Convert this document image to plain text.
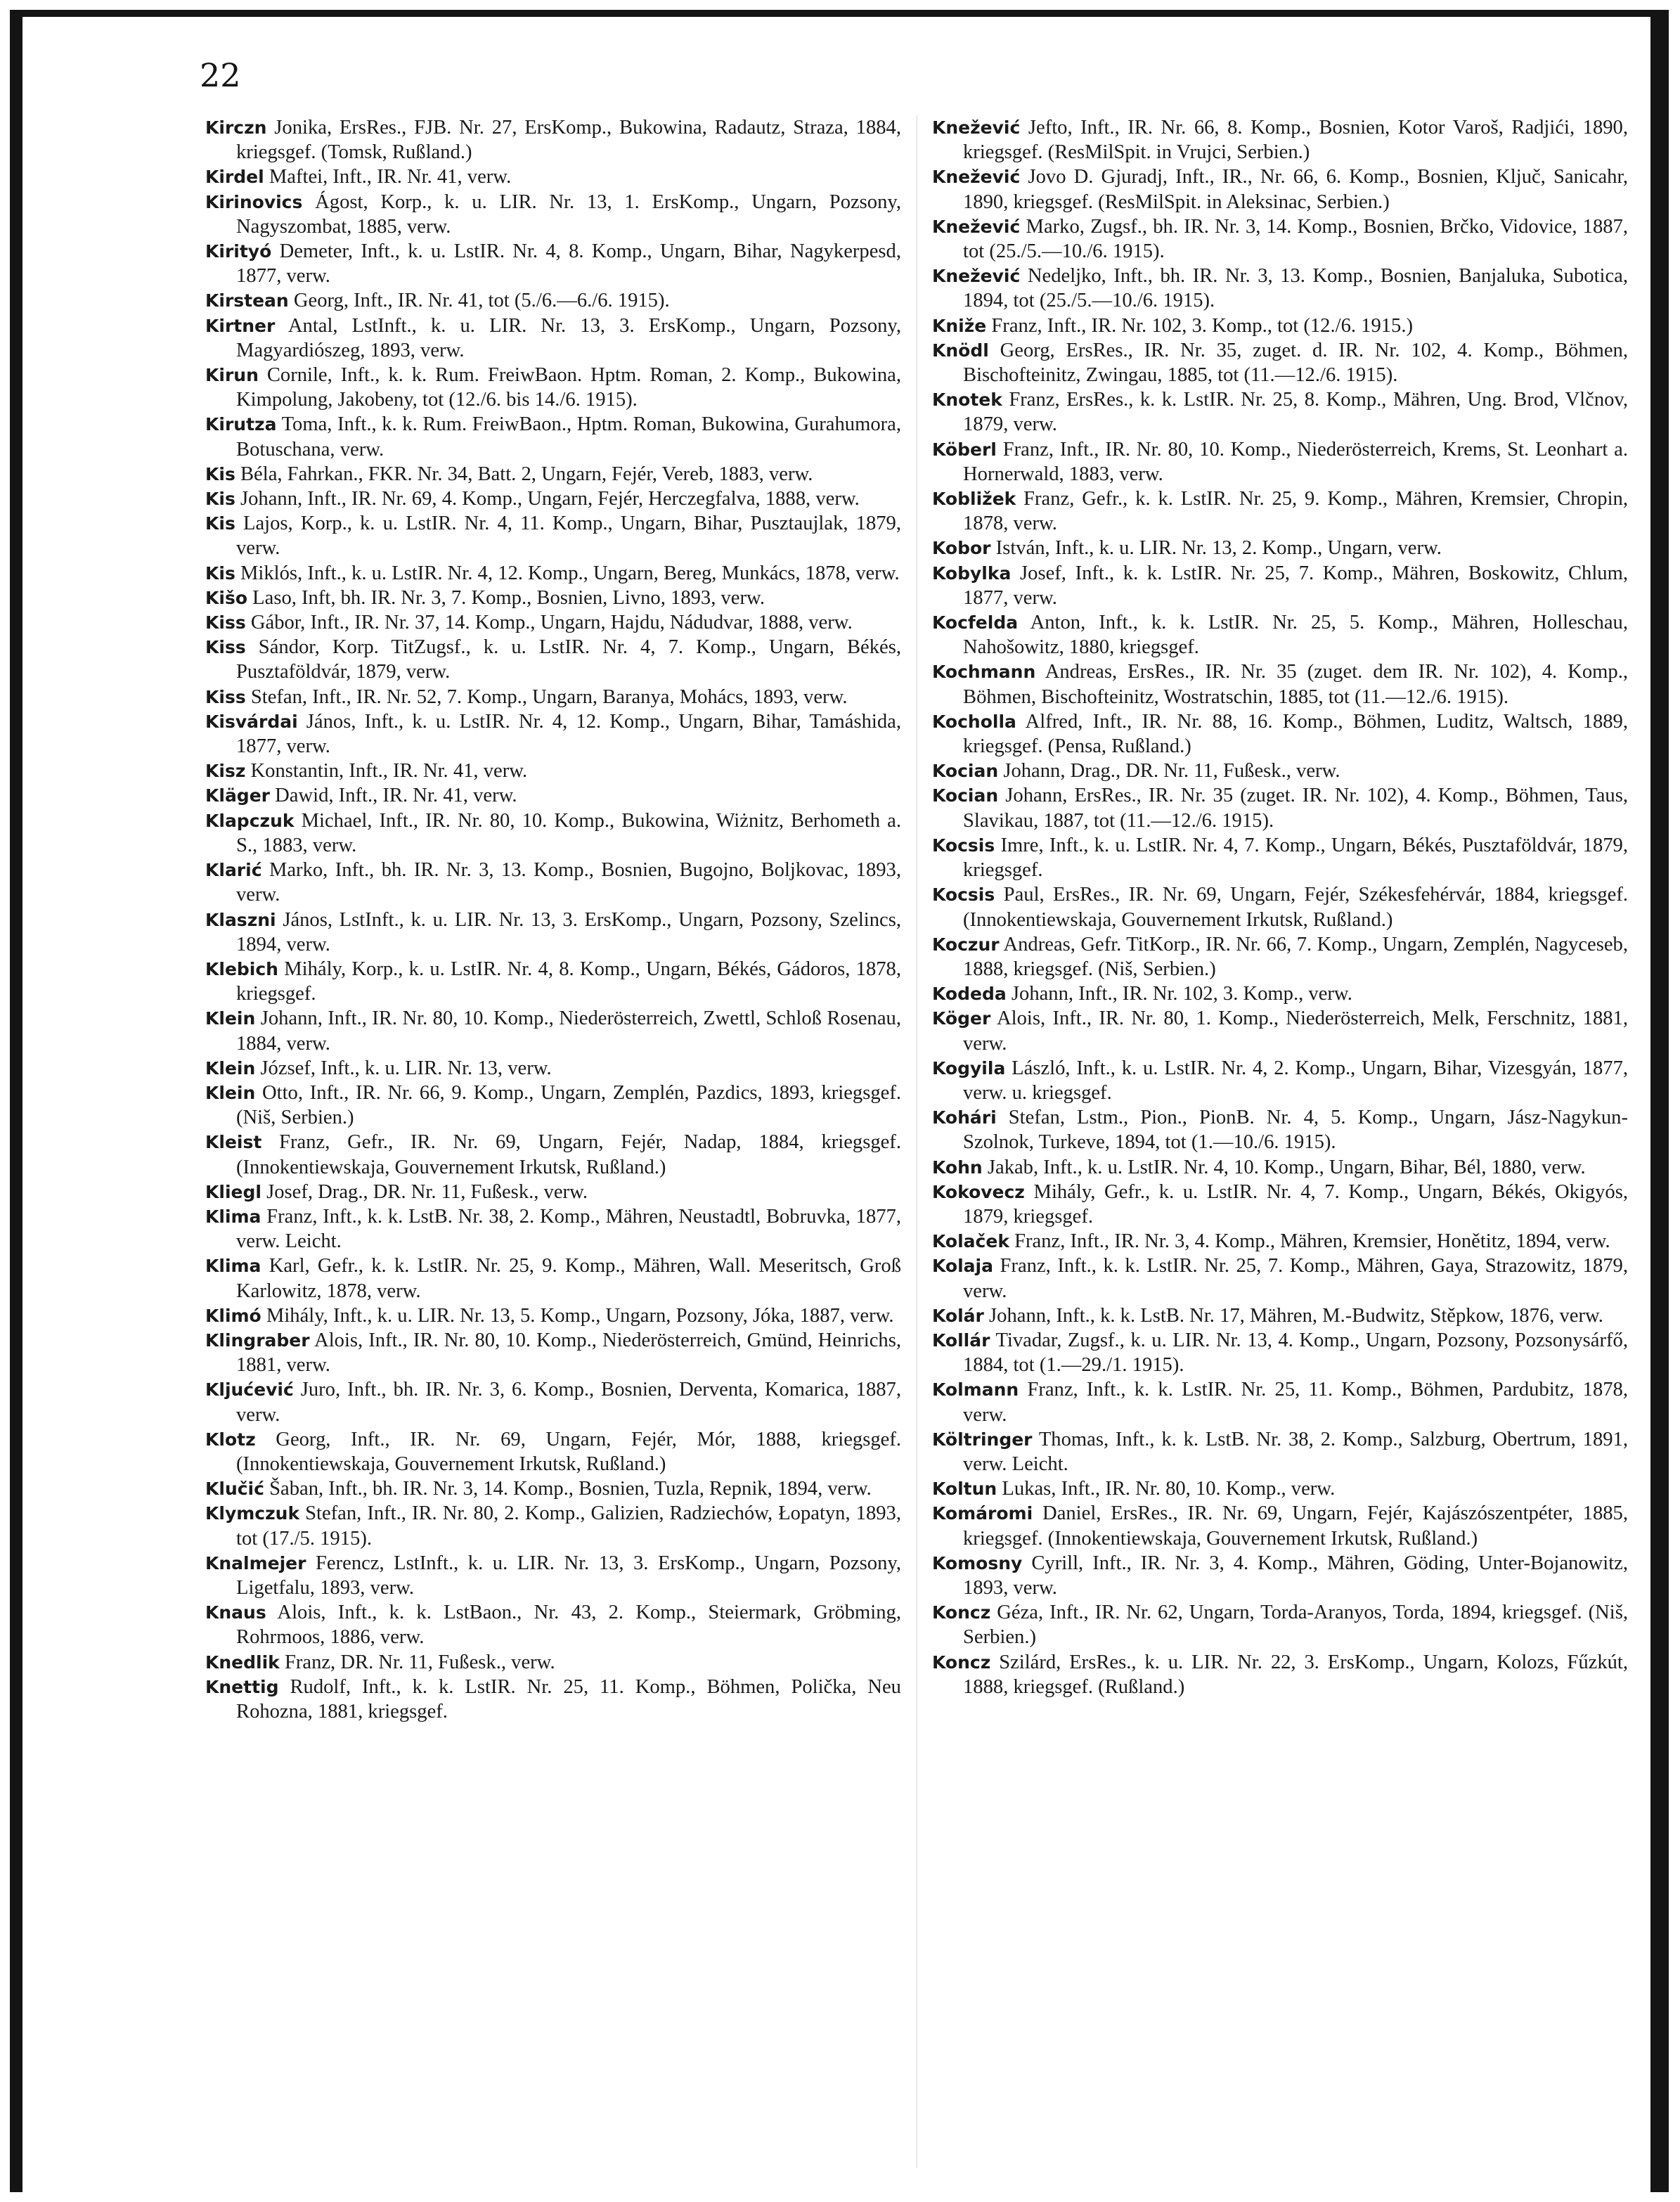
22

Kirczn Jonika, ErsRes., FJB. Nr. 27, ErsKomp., Bukowina, Radautz, Straza, 1884, kriegsgef. (Tomsk, Rußland.)

Kirdel Maftei, Inft., IR. Nr. 41, verw.

Kirinovics Ágost, Korp., k. u. LIR. Nr. 13, 1. ErsKomp., Ungarn, Pozsony, Nagyszombat, 1885, verw.

Kirityó Demeter, Inft., k. u. LstIR. Nr. 4, 8. Komp., Ungarn, Bihar, Nagykerpesd, 1877, verw.

Kirstean Georg, Inft., IR. Nr. 41, tot (5./6.—6./6. 1915).

Kirtner Antal, LstInft., k. u. LIR. Nr. 13, 3. ErsKomp., Ungarn, Pozsony, Magyardiószeg, 1893, verw.

Kirun Cornile, Inft., k. k. Rum. FreiwBaon. Hptm. Roman, 2. Komp., Bukowina, Kimpolung, Jakobeny, tot (12./6. bis 14./6. 1915).

Kirutza Toma, Inft., k. k. Rum. FreiwBaon., Hptm. Roman, Bukowina, Gurahumora, Botuschana, verw.

Kis Béla, Fahrkan., FKR. Nr. 34, Batt. 2, Ungarn, Fejér, Vereb, 1883, verw.

Kis Johann, Inft., IR. Nr. 69, 4. Komp., Ungarn, Fejér, Herczegfalva, 1888, verw.

Kis Lajos, Korp., k. u. LstIR. Nr. 4, 11. Komp., Ungarn, Bihar, Pusztaujlak, 1879, verw.

Kis Miklós, Inft., k. u. LstIR. Nr. 4, 12. Komp., Ungarn, Bereg, Munkács, 1878, verw.

Kišo Laso, Inft, bh. IR. Nr. 3, 7. Komp., Bosnien, Livno, 1893, verw.

Kiss Gábor, Inft., IR. Nr. 37, 14. Komp., Ungarn, Hajdu, Nádudvar, 1888, verw.

Kiss Sándor, Korp. TitZugsf., k. u. LstIR. Nr. 4, 7. Komp., Ungarn, Békés, Pusztaföldvár, 1879, verw.

Kiss Stefan, Inft., IR. Nr. 52, 7. Komp., Ungarn, Baranya, Mohács, 1893, verw.

Kisvárdai János, Inft., k. u. LstIR. Nr. 4, 12. Komp., Ungarn, Bihar, Tamáshida, 1877, verw.

Kisz Konstantin, Inft., IR. Nr. 41, verw.

Kläger Dawid, Inft., IR. Nr. 41, verw.

Klapczuk Michael, Inft., IR. Nr. 80, 10. Komp., Bukowina, Wiżnitz, Berhometh a. S., 1883, verw.

Klarić Marko, Inft., bh. IR. Nr. 3, 13. Komp., Bosnien, Bugojno, Boljkovac, 1893, verw.

Klaszni János, LstInft., k. u. LIR. Nr. 13, 3. ErsKomp., Ungarn, Pozsony, Szelincs, 1894, verw.

Klebich Mihály, Korp., k. u. LstIR. Nr. 4, 8. Komp., Ungarn, Békés, Gádoros, 1878, kriegsgef.

Klein Johann, Inft., IR. Nr. 80, 10. Komp., Niederösterreich, Zwettl, Schloß Rosenau, 1884, verw.

Klein József, Inft., k. u. LIR. Nr. 13, verw.

Klein Otto, Inft., IR. Nr. 66, 9. Komp., Ungarn, Zemplén, Pazdics, 1893, kriegsgef. (Niš, Serbien.)

Kleist Franz, Gefr., IR. Nr. 69, Ungarn, Fejér, Nadap, 1884, kriegsgef. (Innokentiewskaja, Gouvernement Irkutsk, Rußland.)

Kliegl Josef, Drag., DR. Nr. 11, Fußesk., verw.

Klima Franz, Inft., k. k. LstB. Nr. 38, 2. Komp., Mähren, Neustadtl, Bobruvka, 1877, verw. Leicht.

Klima Karl, Gefr., k. k. LstIR. Nr. 25, 9. Komp., Mähren, Wall. Meseritsch, Groß Karlowitz, 1878, verw.

Klimó Mihály, Inft., k. u. LIR. Nr. 13, 5. Komp., Ungarn, Pozsony, Jóka, 1887, verw.

Klingraber Alois, Inft., IR. Nr. 80, 10. Komp., Niederösterreich, Gmünd, Heinrichs, 1881, verw.

Kljućević Juro, Inft., bh. IR. Nr. 3, 6. Komp., Bosnien, Derventa, Komarica, 1887, verw.

Klotz Georg, Inft., IR. Nr. 69, Ungarn, Fejér, Mór, 1888, kriegsgef. (Innokentiewskaja, Gouvernement Irkutsk, Rußland.)

Klučić Šaban, Inft., bh. IR. Nr. 3, 14. Komp., Bosnien, Tuzla, Repnik, 1894, verw.

Klymczuk Stefan, Inft., IR. Nr. 80, 2. Komp., Galizien, Radziechów, Łopatyn, 1893, tot (17./5. 1915).

Knalmejer Ferencz, LstInft., k. u. LIR. Nr. 13, 3. ErsKomp., Ungarn, Pozsony, Ligetfalu, 1893, verw.

Knaus Alois, Inft., k. k. LstBaon., Nr. 43, 2. Komp., Steiermark, Gröbming, Rohrmoos, 1886, verw.

Knedlik Franz, DR. Nr. 11, Fußesk., verw.

Knettig Rudolf, Inft., k. k. LstIR. Nr. 25, 11. Komp., Böhmen, Polička, Neu Rohozna, 1881, kriegsgef.

Knežević Jefto, Inft., IR. Nr. 66, 8. Komp., Bosnien, Kotor Varoš, Radjići, 1890, kriegsgef. (ResMilSpit. in Vrujci, Serbien.)

Knežević Jovo D. Gjuradj, Inft., IR., Nr. 66, 6. Komp., Bosnien, Ključ, Sanicahr, 1890, kriegsgef. (ResMilSpit. in Aleksinac, Serbien.)

Knežević Marko, Zugsf., bh. IR. Nr. 3, 14. Komp., Bosnien, Brčko, Vidovice, 1887, tot (25./5.—10./6. 1915).

Knežević Nedeljko, Inft., bh. IR. Nr. 3, 13. Komp., Bosnien, Banjaluka, Subotica, 1894, tot (25./5.—10./6. 1915).

Kniže Franz, Inft., IR. Nr. 102, 3. Komp., tot (12./6. 1915.)

Knödl Georg, ErsRes., IR. Nr. 35, zuget. d. IR. Nr. 102, 4. Komp., Böhmen, Bischofteinitz, Zwingau, 1885, tot (11.—12./6. 1915).

Knotek Franz, ErsRes., k. k. LstIR. Nr. 25, 8. Komp., Mähren, Ung. Brod, Vlčnov, 1879, verw.

Köberl Franz, Inft., IR. Nr. 80, 10. Komp., Niederösterreich, Krems, St. Leonhart a. Hornerwald, 1883, verw.

Kobližek Franz, Gefr., k. k. LstIR. Nr. 25, 9. Komp., Mähren, Kremsier, Chropin, 1878, verw.

Kobor István, Inft., k. u. LIR. Nr. 13, 2. Komp., Ungarn, verw.

Kobylka Josef, Inft., k. k. LstIR. Nr. 25, 7. Komp., Mähren, Boskowitz, Chlum, 1877, verw.

Kocfelda Anton, Inft., k. k. LstIR. Nr. 25, 5. Komp., Mähren, Holleschau, Nahošowitz, 1880, kriegsgef.

Kochmann Andreas, ErsRes., IR. Nr. 35 (zuget. dem IR. Nr. 102), 4. Komp., Böhmen, Bischofteinitz, Wostratschin, 1885, tot (11.—12./6. 1915).

Kocholla Alfred, Inft., IR. Nr. 88, 16. Komp., Böhmen, Luditz, Waltsch, 1889, kriegsgef. (Pensa, Rußland.)

Kocian Johann, Drag., DR. Nr. 11, Fußesk., verw.

Kocian Johann, ErsRes., IR. Nr. 35 (zuget. IR. Nr. 102), 4. Komp., Böhmen, Taus, Slavikau, 1887, tot (11.—12./6. 1915).

Kocsis Imre, Inft., k. u. LstIR. Nr. 4, 7. Komp., Ungarn, Békés, Pusztaföldvár, 1879, kriegsgef.

Kocsis Paul, ErsRes., IR. Nr. 69, Ungarn, Fejér, Székesfehérvár, 1884, kriegsgef. (Innokentiewskaja, Gouvernement Irkutsk, Rußland.)

Koczur Andreas, Gefr. TitKorp., IR. Nr. 66, 7. Komp., Ungarn, Zemplén, Nagyceseb, 1888, kriegsgef. (Niš, Serbien.)

Kodeda Johann, Inft., IR. Nr. 102, 3. Komp., verw.

Köger Alois, Inft., IR. Nr. 80, 1. Komp., Niederösterreich, Melk, Ferschnitz, 1881, verw.

Kogyila László, Inft., k. u. LstIR. Nr. 4, 2. Komp., Ungarn, Bihar, Vizesgyán, 1877, verw. u. kriegsgef.

Kohári Stefan, Lstm., Pion., PionB. Nr. 4, 5. Komp., Ungarn, Jász-Nagykun-Szolnok, Turkeve, 1894, tot (1.—10./6. 1915).

Kohn Jakab, Inft., k. u. LstIR. Nr. 4, 10. Komp., Ungarn, Bihar, Bél, 1880, verw.

Kokovecz Mihály, Gefr., k. u. LstIR. Nr. 4, 7. Komp., Ungarn, Békés, Okigyós, 1879, kriegsgef.

Kolaček Franz, Inft., IR. Nr. 3, 4. Komp., Mähren, Kremsier, Honětitz, 1894, verw.

Kolaja Franz, Inft., k. k. LstIR. Nr. 25, 7. Komp., Mähren, Gaya, Strazowitz, 1879, verw.

Kolár Johann, Inft., k. k. LstB. Nr. 17, Mähren, M.-Budwitz, Stěpkow, 1876, verw.

Kollár Tivadar, Zugsf., k. u. LIR. Nr. 13, 4. Komp., Ungarn, Pozsony, Pozsonysárfő, 1884, tot (1.—29./1. 1915).

Kolmann Franz, Inft., k. k. LstIR. Nr. 25, 11. Komp., Böhmen, Pardubitz, 1878, verw.

Költringer Thomas, Inft., k. k. LstB. Nr. 38, 2. Komp., Salzburg, Obertrum, 1891, verw. Leicht.

Koltun Lukas, Inft., IR. Nr. 80, 10. Komp., verw.

Komáromi Daniel, ErsRes., IR. Nr. 69, Ungarn, Fejér, Kajászószentpéter, 1885, kriegsgef. (Innokentiewskaja, Gouvernement Irkutsk, Rußland.)

Komosny Cyrill, Inft., IR. Nr. 3, 4. Komp., Mähren, Göding, Unter-Bojanowitz, 1893, verw.

Koncz Géza, Inft., IR. Nr. 62, Ungarn, Torda-Aranyos, Torda, 1894, kriegsgef. (Niš, Serbien.)

Koncz Szilárd, ErsRes., k. u. LIR. Nr. 22, 3. ErsKomp., Ungarn, Kolozs, Fűzkút, 1888, kriegsgef. (Rußland.)
